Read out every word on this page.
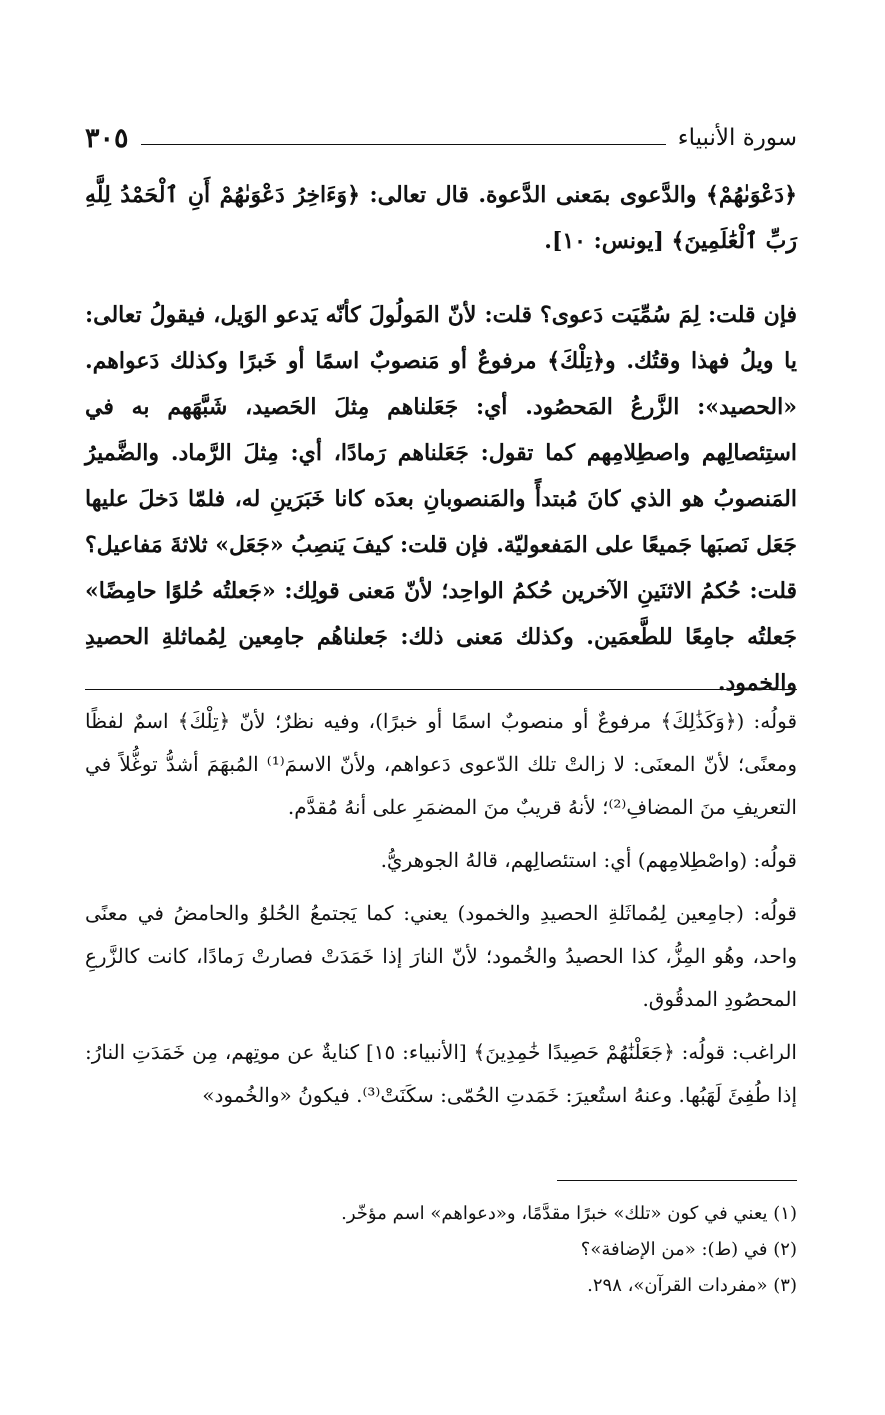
سورة الأنبياء
٣٠٥

﴿دَعْوَىٰهُمْ﴾ والدَّعوى بمَعنى الدَّعوة. قال تعالى: ﴿وَءَاخِرُ دَعْوَىٰهُمْ أَنِ ٱلْحَمْدُ لِلَّهِ رَبِّ ٱلْعَٰلَمِينَ﴾ [يونس: ١٠].

فإن قلت: لِمَ سُمِّيَت دَعوى؟ قلت: لأنّ المَولُولَ كأنّه يَدعو الوَيل، فيقولُ تعالى: يا ويلُ فهذا وقتُك. و﴿تِلْكَ﴾ مرفوعٌ أو مَنصوبٌ اسمًا أو خَبرًا وكذلك دَعواهم. «الحصيد»: الزَّرعُ المَحصُود. أي: جَعَلناهم مِثلَ الحَصيد، شَبَّهَهم به في استِئصالِهم واصطِلامِهم كما تقول: جَعَلناهم رَمادًا، أي: مِثلَ الرَّماد. والضَّميرُ المَنصوبُ هو الذي كانَ مُبتدأً والمَنصوبانِ بعدَه كانا خَبَرَينِ له، فلمّا دَخلَ عليها جَعَل نَصبَها جَميعًا على المَفعوليّة. فإن قلت: كيفَ يَنصِبُ «جَعَل» ثلاثةَ مَفاعيل؟ قلت: حُكمُ الاثنَينِ الآخرين حُكمُ الواحِد؛ لأنّ مَعنى قولِك: «جَعلتُه حُلوًا حامِضًا» جَعلتُه جامِعًا للطَّعمَين. وكذلك مَعنى ذلك: جَعلناهُم جامِعين لِمُماثلةِ الحصيدِ والخمود.

قولُه: (﴿وَكَذَٰلِكَ﴾ مرفوعٌ أو منصوبٌ اسمًا أو خبرًا)، وفيه نظرٌ؛ لأنّ ﴿تِلْكَ﴾ اسمٌ لفظًا ومعنًى؛ لأنّ المعنَى: لا زالتْ تلك الدّعوى دَعواهم، ولأنّ الاسمَ⁽¹⁾ المُبهَمَ أشدُّ توغُّلاً في التعريفِ منَ المضافِ⁽²⁾؛ لأنهُ قريبٌ منَ المضمَرِ على أنهُ مُقدَّم.

قولُه: (واصْطِلامِهم) أي: استئصالِهم، قالهُ الجوهريُّ.

قولُه: (جامِعين لِمُماثَلةِ الحصيدِ والخمود) يعني: كما يَجتمعُ الحُلوُ والحامضُ في معنًى واحد، وهُو المِزُّ، كذا الحصيدُ والخُمود؛ لأنّ النارَ إذا خَمَدَتْ فصارتْ رَمادًا، كانت كالزَّرعِ المحصُودِ المدقُوق.

الراغب: قولُه: ﴿جَعَلْنَٰهُمْ حَصِيدًا خَٰمِدِينَ﴾ [الأنبياء: ١٥] كنايةٌ عن موتِهم، مِن خَمَدَتِ النارُ: إذا طُفِئَ لَهَبُها. وعنهُ استُعيرَ: خَمَدتِ الحُمّى: سكَنَتْ⁽³⁾. فيكونُ «والخُمود»

(١) يعني في كون «تلك» خبرًا مقدَّمًا، و«دعواهم» اسم مؤخّر.

(٢) في (ط): «من الإضافة»؟

(٣) «مفردات القرآن»، ٢٩٨.
